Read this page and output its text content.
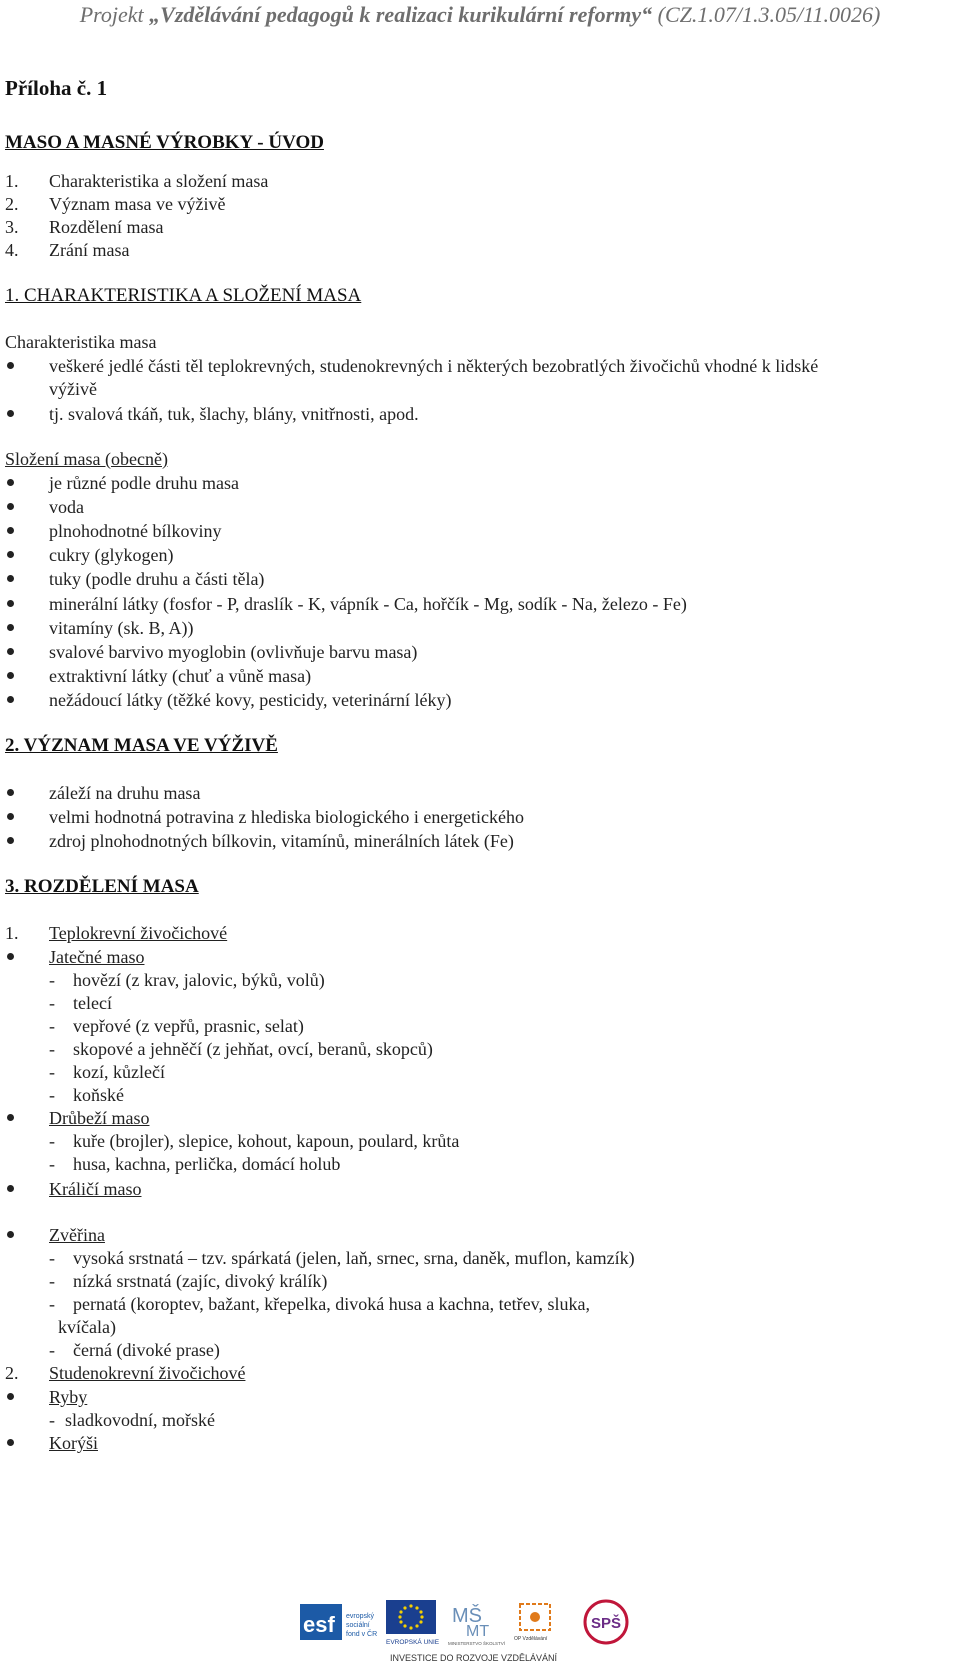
Projekt „Vzdělávání pedagogů k realizaci kurikulární reformy“ (CZ.1.07/1.3.05/11.0026)
Příloha č. 1
MASO A MASNÉ VÝROBKY - ÚVOD
1.	Charakteristika a složení masa
2.	Význam masa ve výživě
3.	Rozdělení masa
4.	Zrání masa
1. CHARAKTERISTIKA A SLOŽENÍ MASA
Charakteristika masa
veškeré jedlé části těl teplokrevných, studenokrevných i některých bezobratlých živočichů vhodné k lidské
výživě
tj. svalová tkáň, tuk, šlachy, blány, vnitřnosti, apod.
Složení masa (obecně)
je různé podle druhu masa
voda
plnohodnotné bílkoviny
cukry (glykogen)
tuky (podle druhu a části těla)
minerální látky (fosfor - P, draslík - K, vápník - Ca, hořčík - Mg, sodík - Na, železo - Fe)
vitamíny (sk. B, A))
svalové barvivo myoglobin (ovlivňuje barvu masa)
extraktivní látky (chuť a vůně masa)
nežádoucí látky (těžké kovy, pesticidy, veterinární léky)
2. VÝZNAM MASA VE VÝŽIVĚ
záleží na druhu masa
velmi hodnotná potravina z hlediska biologického i energetického
zdroj plnohodnotných bílkovin, vitamínů, minerálních látek (Fe)
3. ROZDĚLENÍ MASA
1. Teplokrevní živočichové
Jatečné maso
- hovězí (z krav, jalovic, býků, volů)
- telecí
- vepřové (z vepřů, prasnic, selat)
- skopové a jehněčí (z jehňat, ovcí, beranů, skopců)
- kozí, kůzlečí
- koňské
Drůbeží maso
- kuře (brojler), slepice, kohout, kapoun, poulard, krůta
- husa, kachna, perlička, domácí holub
Králičí maso
Zvěřina
- vysoká srstnatá – tzv. spárkatá (jelen, laň, srnec, srna, daněk, muflon, kamzík)
- nízká srstnatá (zajíc, divoký králík)
- pernatá (koroptev, bažant, křepelka, divoká husa a kachna, tetřev, sluka,
kvíčala)
- černá (divoké prase)
2. Studenokrevní živočichové
Ryby
- sladkovodní, mořské
Korýši
esf evropský
sociální
fond v ČR
EVROPSKÁ UNIE
MŠ
MT
MINISTERSTVO ŠKOLSTVÍ
OP Vzdělávání
SPŠ
INVESTICE DO ROZVOJE VZDĚLÁVÁNÍ
